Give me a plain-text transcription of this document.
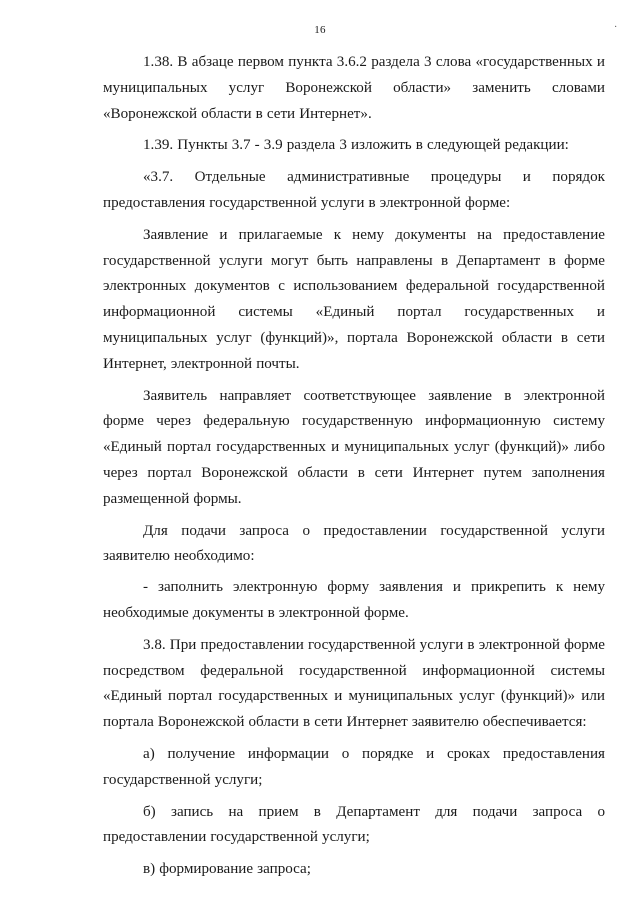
16	·

1.38. В абзаце первом пункта 3.6.2 раздела 3 слова «государственных и муниципальных услуг Воронежской области» заменить словами «Воронежской области в сети Интернет».

1.39. Пункты 3.7 - 3.9 раздела 3 изложить в следующей редакции:

«3.7. Отдельные административные процедуры и порядок предоставления государственной услуги в электронной форме:

Заявление и прилагаемые к нему документы на предоставление государственной услуги могут быть направлены в Департамент в форме электронных документов с использованием федеральной государственной информационной системы «Единый портал государственных и муниципальных услуг (функций)», портала Воронежской области в сети Интернет, электронной почты.

Заявитель направляет соответствующее заявление в электронной форме через федеральную государственную информационную систему «Единый портал государственных и муниципальных услуг (функций)» либо через портал Воронежской области в сети Интернет путем заполнения размещенной формы.

Для подачи запроса о предоставлении государственной услуги заявителю необходимо:

- заполнить электронную форму заявления и прикрепить к нему необходимые документы в электронной форме.

3.8. При предоставлении государственной услуги в электронной форме посредством федеральной государственной информационной системы «Единый портал государственных и муниципальных услуг (функций)» или портала Воронежской области в сети Интернет заявителю обеспечивается:

а) получение информации о порядке и сроках предоставления государственной услуги;

б) запись на прием в Департамент для подачи запроса о предоставлении государственной услуги;

в) формирование запроса;
